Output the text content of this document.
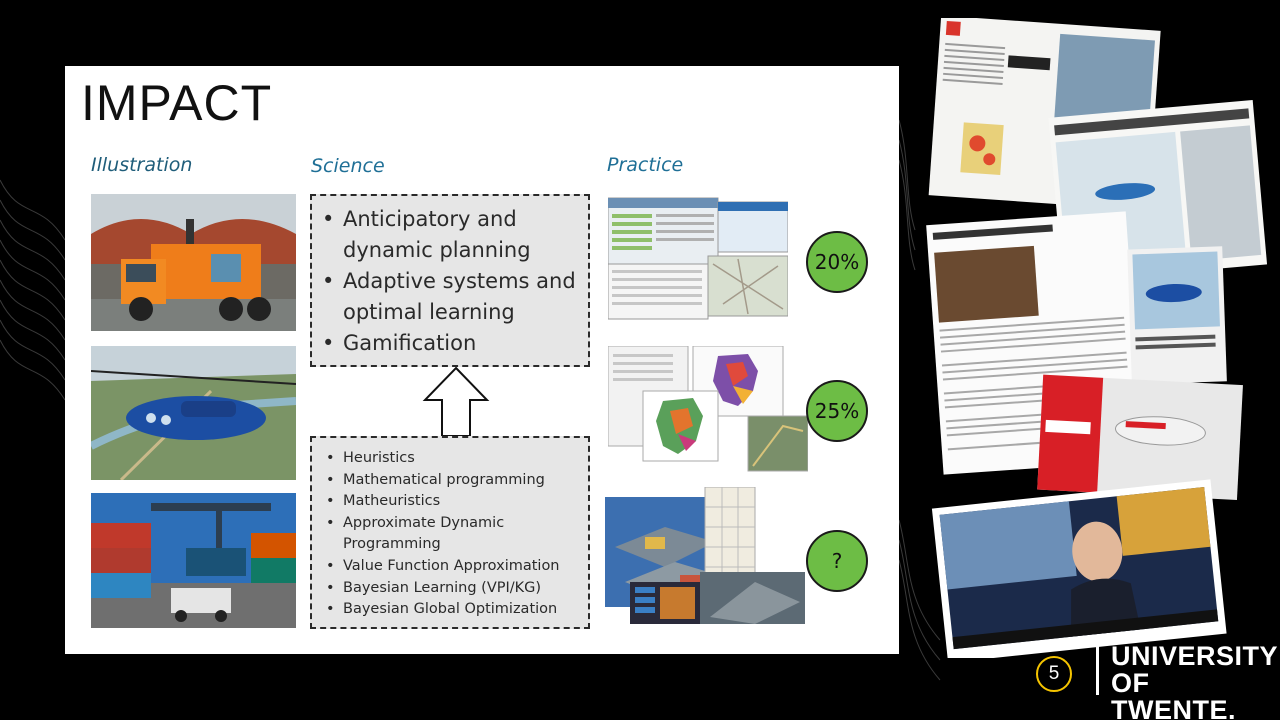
IMPACT
Illustration	Science	Practice
• Anticipatory and dynamic planning
• Adaptive systems and optimal learning
• Gamification
• Heuristics
• Mathematical programming
• Matheuristics
• Approximate Dynamic Programming
• Value Function Approximation
• Bayesian Learning (VPI/KG)
• Bayesian Global Optimization
20%
25%
?
5
UNIVERSITY
OF TWENTE.
